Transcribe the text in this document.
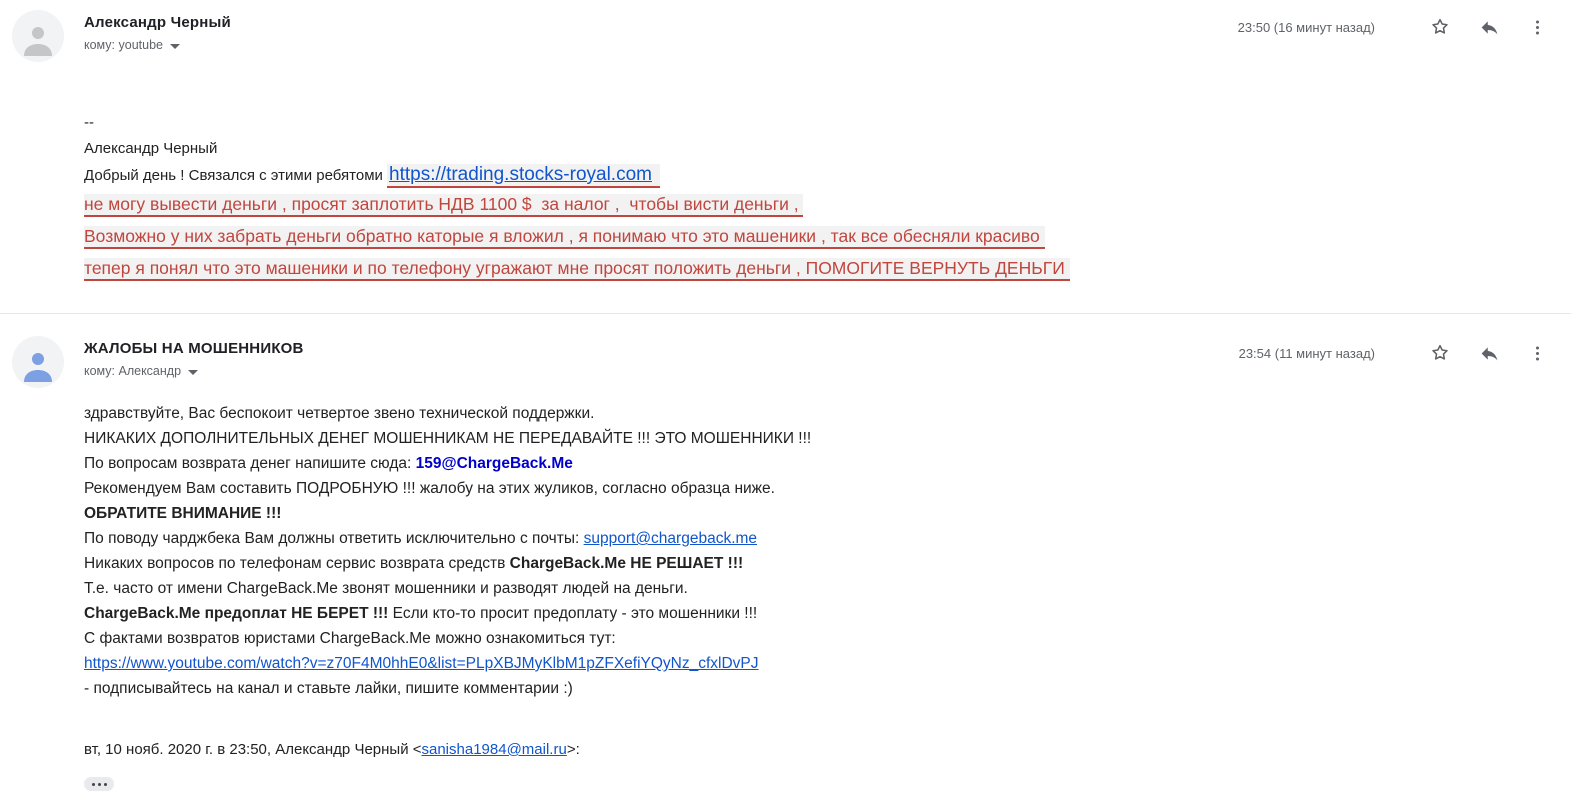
Александр Черный
кому: youtube
23:50 (16 минут назад)
--
Александр Черный
Добрый день ! Связался с этими ребятоми https://trading.stocks-royal.com
не могу вывести деньги , просят заплотить НДВ 1100 $  за налог ,  чтобы висти деньги ,
Возможно у них забрать деньги обратно каторые я вложил , я понимаю что это машеники , так все обесняли красиво
тепер я понял что это машеники и по телефону угражают мне просят положить деньги , ПОМОГИТЕ ВЕРНУТЬ ДЕНЬГИ
ЖАЛОБЫ НА МОШЕННИКОВ
кому: Александр
23:54 (11 минут назад)
здравствуйте, Вас беспокоит четвертое звено технической поддержки.
НИКАКИХ ДОПОЛНИТЕЛЬНЫХ ДЕНЕГ МОШЕННИКАМ НЕ ПЕРЕДАВАЙТЕ !!! ЭТО МОШЕННИКИ !!!
По вопросам возврата денег напишите сюда: 159@ChargeBack.Me
Рекомендуем Вам составить ПОДРОБНУЮ !!! жалобу на этих жуликов, согласно образца ниже.
ОБРАТИТЕ ВНИМАНИЕ !!!
По поводу чарджбека Вам должны ответить исключительно с почты: support@chargeback.me
Никаких вопросов по телефонам сервис возврата средств ChargeBack.Me НЕ РЕШАЕТ !!!
Т.е. часто от имени ChargeBack.Me звонят мошенники и разводят людей на деньги.
ChargeBack.Me предоплат НЕ БЕРЕТ !!! Если кто-то просит предоплату - это мошенники !!!
С фактами возвратов юристами ChargeBack.Me можно ознакомиться тут:
https://www.youtube.com/watch?v=z70F4M0hhE0&list=PLpXBJMyKlbM1pZFXefiYQyNz_cfxlDvPJ
- подписывайтесь на канал и ставьте лайки, пишите комментарии :)
вт, 10 нояб. 2020 г. в 23:50, Александр Черный <sanisha1984@mail.ru>:
